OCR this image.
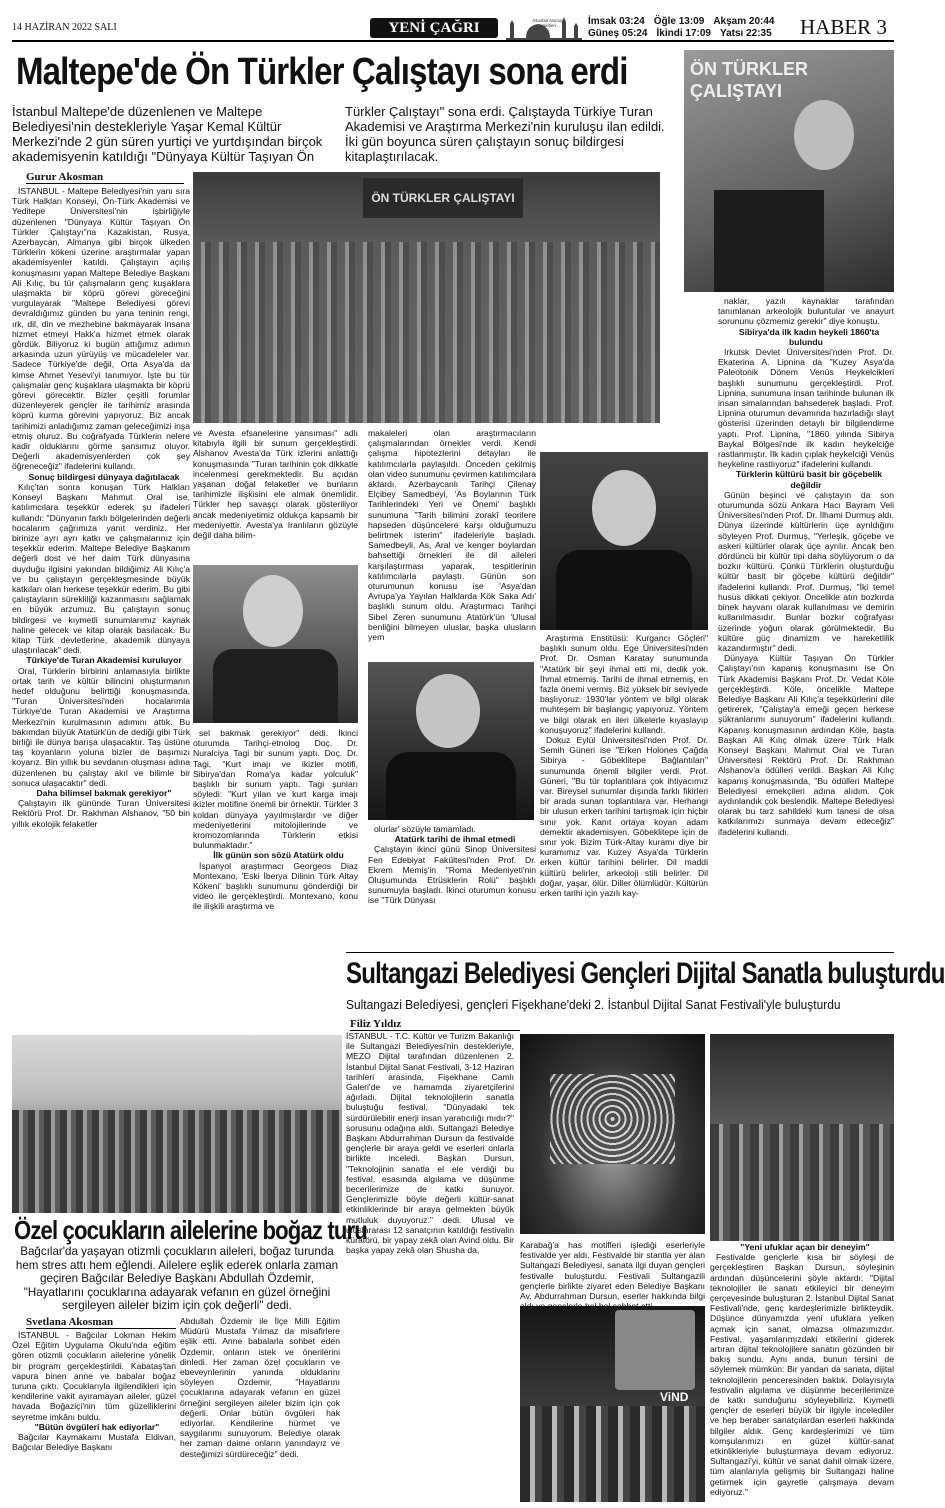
14 HAZİRAN 2022 SALI	YENİ ÇAĞRI	İstanbul Namaz Vakitleri	İmsak 03:24 Öğle 13:09 Akşam 20:44
Güneş 05:24 İkindi 17:09 Yatsı 22:35	HABER 3
Maltepe'de Ön Türkler Çalıştayı sona erdi
İstanbul Maltepe'de düzenlenen ve Maltepe Belediyesi'nin destekleriyle Yaşar Kemal Kültür Merkezi'nde 2 gün süren yurtiçi ve yurtdışından birçok akademisyenin katıldığı "Dünyaya Kültür Taşıyan Ön
Türkler Çalıştayı" sona erdi. Çalıştayda Türkiye Turan Akademisi ve Araştırma Merkezi'nin kuruluşu ilan edildi. İki gün boyunca süren çalıştayın sonuç bildirgesi kitaplaştırılacak.
Gurur Akosman
ÖN TÜRKLER ÇALIŞTAYI
ÖN TÜRKLER ÇALIŞTAYI

İSTANBUL - Maltepe Belediyesi'nin yanı sıra Türk Halkları Konseyi, Ön-Türk Akademisi ve Yeditepe Üniversitesi'nin işbirliğiyle düzenlenen "Dünyaya Kültür Taşıyan Ön Türkler Çalıştayı"na Kazakistan, Rusya, Azerbaycan, Almanya gibi birçok ülkeden Türklerin kökeni üzerine araştırmalar yapan akademisyenler katıldı. Çalıştayın açılış konuşmasını yapan Maltepe Belediye Başkanı Ali Kılıç, bu tür çalışmaların genç kuşaklara ulaşmakta bir köprü görevi göreceğini vurgulayarak "Maltepe Belediyesi görevi devraldığımız günden bu yana teninin rengi, ırk, dil, din ve mezhebine bakmayarak insana hizmet etmeyi Hakk'a hizmet etmek olarak gördük. Biliyoruz ki bugün attığımız adımın arkasında uzun yürüyüş ve mücadeleler var. Sadece Türkiye'de değil, Orta Asya'da da kimse Ahmet Yesevi'yi tanımıyor. İşte bu tür çalışmalar genç kuşaklara ulaşmakta bir köprü görevi görecektir. Bizler çeşitli forumlar düzenleyerek gençler ile tarihimiz arasında köprü kurma görevini yapıyoruz. Biz ancak tarihimizi anladığımız zaman geleceğimizi inşa etmiş oluruz. Bu coğrafyada Türklerin nelere kadir olduklarını görme şansımız oluyor. Değerli akademisyenlerden çok şey öğreneceğiz" ifadelerini kullandı.

Sonuç bildirgesi dünyaya dağıtılacak

Kılıç'tan sonra konuşan Türk Halkları Konseyi Başkanı Mahmut Oral ise, katılımcılara teşekkür ederek şu ifadeleri kullandı: "Dünyanın farklı bölgelerinden değerli hocalarım çağrımıza yanıt verdiniz. Her birinize ayrı ayrı katkı ve çalışmalarınız için teşekkür ederim. Maltepe Belediye Başkanım değerli dost ve her daim Türk dünyasına duyduğu ilgisini yakından bildiğimiz Ali Kılıç'a ve bu çalıştayın gerçekleşmesinde büyük katkıları olan herkese teşekkür ederim. Bu gibi çalıştayların sürekliliği kazanmasını sağlamak en büyük arzumuz. Bu çalıştayın sonuç bildirgesi ve kıymetli sunumlarımız kaynak haline gelecek ve kitap olarak basılacak. Bu kitap Türk devletlerine, akademik dünyaya ulaştırılacak" dedi.

Türkiye'de Turan Akademisi kuruluyor

Oral, Türklerin birbirini anlamasıyla birlikte ortak tarih ve kültür bilincini oluşturmanın hedef olduğunu belirttiği konuşmasında, "Turan Üniversitesi'nden hocalarımla Türkiye'de Turan Akademisi ve Araştırma Merkezi'nin kurulmasının adımını attık. Bu bakımdan büyük Atatürk'ün de dediği gibi Türk birliği ile dünya barışa ulaşacaktır. Taş üstüne taş koyanların yoluna bizler de başımızı koyarız. Bin yıllık bu sevdanın oluşması adına düzenlenen bu çalıştay akıl ve bilimle bir sonuca ulaşacaktır" dedi.

Daha bilimsel bakmak gerekiyor"

Çalıştayın ilk gününde Turan Üniversitesi Rektörü Prof. Dr. Rakhman Alshanov, "50 bin yıllık ekolojik felaketler

ve Avesta efsanelerine yansıması" adlı kitabıyla ilgili bir sunum gerçekleştirdi. Alshanov Avesta'da Türk izlerini anlattığı konuşmasında "Turan tarihinin çok dikkatle incelenmesi gerekmektedir. Bu açıdan yaşanan doğal felaketler ve bunların tarihimizle ilişkisini ele almak önemlidir. Türkler hep savaşçı olarak gösteriliyor ancak medeniyetimiz oldukça kapsamlı bir medeniyettir. Avesta'ya Iranlıların gözüyle değil daha bilim-

sel bakmak gerekiyor" dedi. İkinci oturumda Tarihçi-etnolog Doç. Dr. Nuralciya Tagi bir sunum yaptı. Doç. Dr. Tagi, "Kurt imajı ve ikizler motifi, Sibirya'dan Roma'ya kadar yolculuk" başlıklı bir sunum yaptı. Tagi şunları söyledi: "Kurt yılan ve kurt karga imajı ikizler motifine önemli bir örnektir. Türkler 3 koldan dünyaya yayılmışlardır ve diğer medeniyetlerini mitolojilerinde ve kromozomlarında Türklerin etkisi bulunmaktadır."

İlk günün son sözü Atatürk oldu

İspanyol araştırmacı Georgeos Diaz Montexano, 'Eski İberya Dilinin Türk Altay Kökeni' başlıklı sunumunu gönderdiği bir video ile gerçekleştirdi. Montexano, konu ile ilişkili araştırma ve

makaleleri olan araştırmacıların çalışmalarından örnekler verdi. Kendi çalışma hipotezlerini detayları ile katılımcılarla paylaşıldı. Önceden çekilmiş olan video sunumunu çevirmen katılımcılara aktardı. Azerbaycanlı Tarihçi Çilenay Elçibey Samedbeyi, 'As Boylarının Türk Tarihlerindeki Yeri ve Önemi' başlıklı sunumuna "Tarih bilimini zorakî teorilere hapseden düşüncelere karşı olduğumuzu belirtmek isterim" ifadeleriyle başladı. Samedbeyli, As, Aral ve kenger boylardan bahsettiği örnekleri ile dil aileleri karşılaştırması yaparak, tespitlerinin katılımcılarla paylaştı. Günün son oturumunun konusu ise 'Asya'dan Avrupa'ya Yayılan Halklarda Kök Saka Adı' başlıklı sunum oldu. Araştırmacı Tarihçi Sibel Zeren sunumunu Atatürk'ün 'Ulusal benliğini bilmeyen uluslar, başka ulusların yem

olurlar' sözüyle tamamladı.

Atatürk tarihi de ihmal etmedi

Çalıştayın ikinci günü Sinop Üniversitesi Fen Edebiyat Fakültesi'nden Prof. Dr. Ekrem Memiş'in "Roma Medeniyeti'nin Oluşumunda Etrüsklerin Rolü" başlıklı sunumuyla başladı. İkinci oturumun konusu ise "Türk Dünyası

Araştırma Enstitüsü: Kurgancı Göçleri" başlıklı sunum oldu. Ege Üniversitesi'nden Prof. Dr. Osman Karatay sunumunda "Atatürk bir şeyi ihmal etti mi, dedik yok. İhmal etmemiş. Tarihi de ihmal etmemiş, en fazla önemi vermiş. Biz yüksek bir seviyede başlıyoruz. 1930'lar yöntem ve bilgi olarak muhteşem bir başlangıç yapıyoruz. Yöntem ve bilgi olarak en ileri ülkelerle kıyaslayıp konuşuyoruz" ifadelerini kullandı.

Dokuz Eylül Üniversitesi'nden Prof. Dr. Semih Güneri ise "Erken Holones Çağda Sibirya - Göbeklitepe Bağlantıları" sunumunda önemli bilgiler verdi. Prof. Güneri, "Bu tür toplantılara çok ihtiyacımız var. Bireysel sunumlar dışında farklı fikirleri bir arada sunan toplantılara var. Herhangi bir ulusun erken tarihini tartışmak için hiçbir sınır yok. Kanıt ortaya koyan adam demektir akademisyen. Göbeklitepe için de sınır yok. Bizim Türk-Altay kuramı diye bir kuramımız var. Kuzey Asya'da Türklerin erken kültür tarihini belirler. Dil maddi kültürü belirler, arkeoloji stili belirler. Dil doğar, yaşar, ölür. Diller ölümlüdür. Kültürün erken tarihi için yazılı kay-

naklar, yazılı kaynaklar tarafından tanımlanan arkeolojik buluntular ve anayurt sorununu çözmemiz gerekir" diye konuştu.

Sibirya'da ilk kadın heykeli 1860'ta bulundu

Irkutsk Devlet Üniversitesi'nden Prof. Dr. Ekaterina A. Lipnina da "Kuzey Asya'da Paleotonik Dönem Venüs Heykelcikleri başlıklı sunumunu gerçekleştirdi. Prof. Lipnina, sunumuna insan tarihinde bulunan ilk insan simalarından bahsederek başladı. Prof. Lipnina oturumun devamında hazırladığı slayt gösterisi üzerinden detaylı bir bilgilendirme yaptı. Prof. Lipnina, "1860 yılında Sibirya Baykal Bölgesi'nde ilk kadın heykelciğe rastlanmıştır. İlk kadın çıplak heykelciği Venüs heykeline rastlıyoruz" ifadelerini kullandı.

Türklerin kültürü basit bir göçebelik değildir

Günün beşinci ve çalıştayın da son oturumunda sözü Ankara Hacı Bayram Veli Üniversitesi'nden Prof. Dr. İlhami Durmuş aldı. Dünya üzerinde kültürlerin üçe ayrıldığını söyleyen Prof. Durmuş, "Yerleşik, göçebe ve askeri kültürler olarak üçe ayrılır. Ancak ben dördüncü bir kültür tipi daha söylüyorum o da bozkır kültürü. Çünkü Türklerin oluşturduğu kültür basit bir göçebe kültürü değildir" ifadelerini kullandı. Prof. Durmuş, "İki temel husus dikkati çekiyor. Öncelikle atın bozkırda binek hayvanı olarak kullanılması ve demirin kullanılmasıdır. Bunlar bozkır coğrafyası üzerinde yoğun olarak görülmektedir. Bu kültüre güç dinamizm ve hareketlilik kazandırmıştır" dedi.

Dünyaya Kültür Taşıyan Ön Türkler Çalıştayı'nın kapanış konuşmasını ise Ön Türk Akademisi Başkanı Prof. Dr. Vedat Köle gerçekleştirdi. Köle, önceliklе Maltepe Belediye Başkanı Ali Kılıç'a teşekkürlerini dile getirerek, "Çalıştay'a emeği geçen herkese şükranlarımı sunuyorum" ifadelerini kullandı. Kapanış konuşmasının ardından Köle, başta Başkan Ali Kılıç olmak üzere Türk Halk Konseyi Başkanı Mahmut Oral ve Turan Üniversitesi Rektörü Prof. Dr. Rakhman Alshanov'a ödülleri verildi. Başkan Ali Kılıç kapanış konuşmasında, "Bu ödülleri Maltepe Belediyesi emekçileri adına alıdım. Çok aydınlandık çok beslendik. Maltepe Belediyesi olarak bu tarz sahildeki kum tanesi de olsa katkılarımızı sunmaya devam edeceğiz" ifadelerini kullandı.

Sultangazi Belediyesi Gençleri Dijital Sanatla buluşturdu
Sultangazi Belediyesi, gençleri Fişekhane'deki 2. İstanbul Dijital Sanat Festivali'yle buluşturdu
Filiz Yıldız
İSTANBUL - T.C. Kültür ve Turizm Bakanlığı ile Sultangazi Belediyesi'nin destekleriyle, MEZO Dijital tarafından düzenlenen 2. İstanbul Dijital Sanat Festivali, 3-12 Haziran tarihleri arasında, Fişekhane Camlı Galeri'de ve hamamda ziyaretçilerini ağırladı. Dijital teknolojilerin sanatla buluştuğu festival, "Dünyadaki tek sürdürülebilir enerji insan yaratıcılığı mıdır?" sorusunu odağına aldı. Sultangazi Belediye Başkanı Abdurrahman Dursun da festivalde gençlerle bir araya geldi ve eserleri onlarla birlikte inceledi. Başkan Dursun, "Teknolojinin sanatla el ele verdiği bu festival, esasında algılama ve düşünme becerilerimize de katkı sunuyor. Gençlerimizle böyle değerli kültür-sanat etkinliklerinde bir araya gelmekten büyük mutluluk duyuyoruz." dedi. Ulusal ve uluslararası 12 sanatçının katıldığı festivalin küratörü, bir yapay zekâ olan Avind oldu. Bir başka yapay zekâ olan Shusha da,
Karabağ'a has motifleri işlediği eserleriyle festivalde yer aldı. Festivalde bir stantla yer alan Sultangazi Belediyesi, sanata ilgi duyan gençleri festivalle buluşturdu. Festivali Sultangazili gençlerle birlikte ziyaret eden Belediye Başkanı Av. Abdurrahman Dursun, eserler hakkında bilgi
ViND

"Yeni ufuklar açan bir deneyim"

Festivalde gençlerle kısa bir söyleşi de gerçekleştiren Başkan Dursun, söyleşinin ardından düşüncelerini şöyle aktardı: "Dijital teknolojiler ile sanatı etkileyici bir deneyim çerçevesinde buluşturan 2. İstanbul Dijital Sanat Festivali'nde, genç kardeşlerimizle birlikteydik. Düşünce dünyamızda yeni ufuklara yelken açmak için sanat, olmazsa olmazımızdır. Festival, yaşamlarımızdaki etkilerini giderek artıran dijital teknolojilere sanatın gözünden bir bakış sundu. Aynı anda, bunun tersini de söylemek mümkün: Bir yandan da sanata, dijital teknolojilerin penceresinden baktık. Dolayısıyla festivalin algılama ve düşünme becerilerimize de katkı sunduğunu söyleyebiliriz. Kıymetli gençler de eserleri büyük bir ilgiyle incelediler ve hep beraber sanatçılardan eserleri hakkında bilgiler aldık. Genç kardeşlerimizi ve tüm komşularımızı en güzel kültür-sanat etkinlikleriyle buluşturmaya devam ediyoruz. Sultangazi'yi, kültür ve sanat dahil olmak üzere, tüm alanlarıyla gelişmiş bir Sultangazi haline getirmek için gayretle çalışmaya devam ediyoruz."

Özel çocukların ailelerine boğaz turu
Bağcılar'da yaşayan otizmli çocukların aileleri, boğaz turunda hem stres attı hem eğlendi. Ailelere eşlik ederek onlarla zaman geçiren Bağcılar Belediye Başkanı Abdullah Özdemir, "Hayatlarını çocuklarına adayarak vefanın en güzel örneğini sergileyen aileler bizim için çok değerli" dedi.
Svetlana Akosman

İSTANBUL - Bağcılar Lokman Hekim Özel Eğitim Uygulama Okulu'nda eğitim gören otizmli çocukların ailelerine yönelik bir program gerçekleştirildi. Kabataş'tan vapura binen anne ve babalar boğaz turuna çıktı. Çocuklarıyla ilgilendikleri için kendilerine vakit ayıramayan aileler, güzel havada Boğaziçi'nin tüm güzelliklerini seyretme imkânı buldu.

"Bütün övgüleri hak ediyorlar"

Bağcılar Kaymakamı Mustafa Eldivan, Bağcılar Belediye Başkanı

Abdullah Özdemir ile İlçe Milli Eğitim Müdürü Mustafa Yılmaz da misafirlere eşlik etti. Anne babalarla sohbet eden Özdemir, onların istek ve önerilerini dinledi. Her zaman özel çocukların ve ebeveynlerinin yanında olduklarını söyleyen Özdemir, "Hayatlarını çocuklarına adayarak vefanın en güzel örneğini sergileyen aileler bizim için çok değerli. Onlar bütün övgüleri hak ediyorlar. Kendilerine hürmet ve saygılarımı sunuyorum. Belediye olarak her zaman daime onların yanındayız ve desteğimizi sürdüreceğiz" dedi.
